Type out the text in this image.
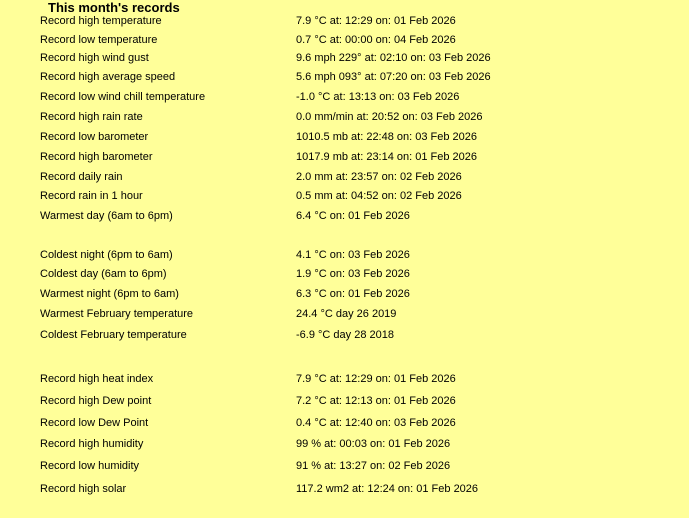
This month's records
Record high temperature	7.9 °C at: 12:29 on: 01 Feb 2026
Record low temperature	0.7 °C at: 00:00 on: 04 Feb 2026
Record high wind gust	9.6 mph 229° at: 02:10 on: 03 Feb 2026
Record high average speed	5.6 mph 093° at: 07:20 on: 03 Feb 2026
Record low wind chill temperature	-1.0 °C at: 13:13 on: 03 Feb 2026
Record high rain rate	0.0 mm/min at: 20:52 on: 03 Feb 2026
Record low barometer	1010.5 mb at: 22:48 on: 03 Feb 2026
Record high barometer	1017.9 mb at: 23:14 on: 01 Feb 2026
Record daily rain	2.0 mm at: 23:57 on: 02 Feb 2026
Record rain in 1 hour	0.5 mm at: 04:52 on: 02 Feb 2026
Warmest day (6am to 6pm)	6.4 °C on: 01 Feb 2026
Coldest night (6pm to 6am)	4.1 °C on: 03 Feb 2026
Coldest day (6am to 6pm)	1.9 °C on: 03 Feb 2026
Warmest night (6pm to 6am)	6.3 °C on: 01 Feb 2026
Warmest February temperature	24.4 °C day 26 2019
Coldest February temperature	-6.9 °C day 28 2018
Record high heat index	7.9 °C at: 12:29 on: 01 Feb 2026
Record high Dew point	7.2 °C at: 12:13 on: 01 Feb 2026
Record low Dew Point	0.4 °C at: 12:40 on: 03 Feb 2026
Record high humidity	99 % at: 00:03 on: 01 Feb 2026
Record low humidity	91 % at: 13:27 on: 02 Feb 2026
Record high solar	117.2 wm2 at: 12:24 on: 01 Feb 2026
